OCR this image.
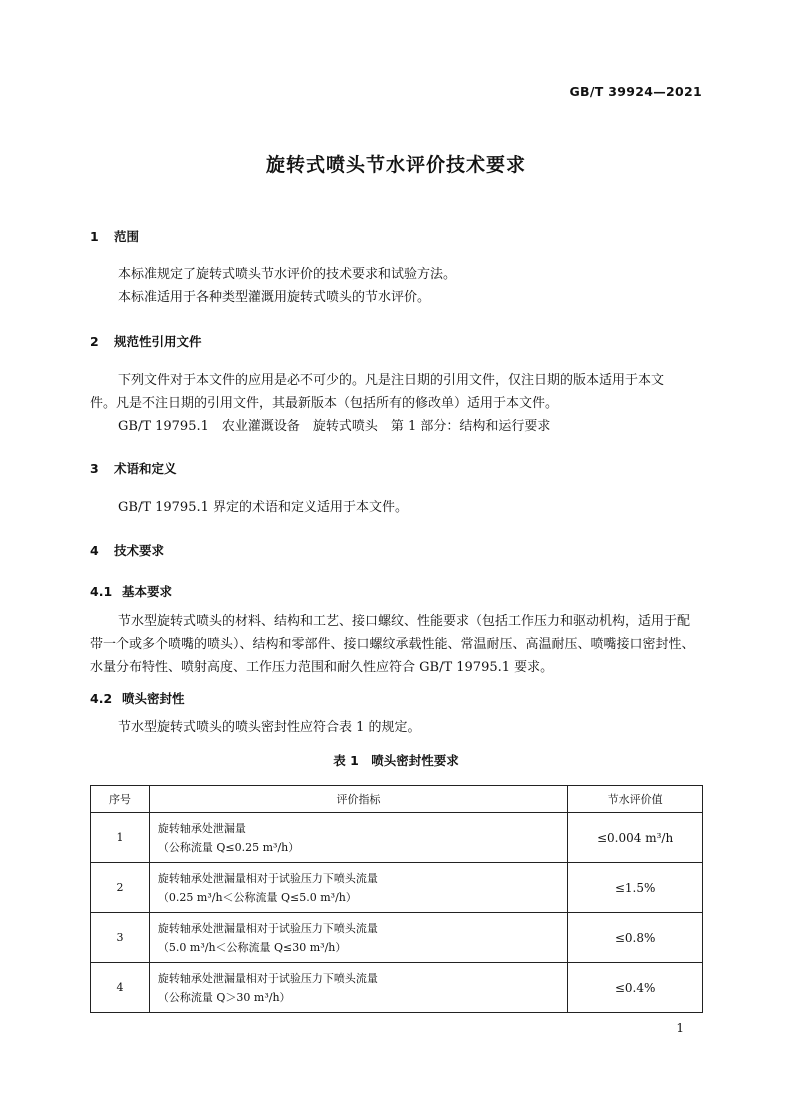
GB/T 39924—2021
旋转式喷头节水评价技术要求
1 范围
本标准规定了旋转式喷头节水评价的技术要求和试验方法。
本标准适用于各种类型灌溉用旋转式喷头的节水评价。
2 规范性引用文件
下列文件对于本文件的应用是必不可少的。凡是注日期的引用文件，仅注日期的版本适用于本文
件。凡是不注日期的引用文件，其最新版本（包括所有的修改单）适用于本文件。
GB/T 19795.1　农业灌溉设备　旋转式喷头　第 1 部分：结构和运行要求
3 术语和定义
GB/T 19795.1 界定的术语和定义适用于本文件。
4 技术要求
4.1 基本要求
节水型旋转式喷头的材料、结构和工艺、接口螺纹、性能要求（包括工作压力和驱动机构，适用于配
带一个或多个喷嘴的喷头）、结构和零部件、接口螺纹承载性能、常温耐压、高温耐压、喷嘴接口密封性、
水量分布特性、喷射高度、工作压力范围和耐久性应符合 GB/T 19795.1 要求。
4.2 喷头密封性
节水型旋转式喷头的喷头密封性应符合表 1 的规定。
表 1　喷头密封性要求
序号	评价指标	节水评价值
1	旋转轴承处泄漏量
（公称流量 Q≤0.25 m³/h）	≤0.004 m³/h
2	旋转轴承处泄漏量相对于试验压力下喷头流量
（0.25 m³/h＜公称流量 Q≤5.0 m³/h）	≤1.5%
3	旋转轴承处泄漏量相对于试验压力下喷头流量
（5.0 m³/h＜公称流量 Q≤30 m³/h）	≤0.8%
4	旋转轴承处泄漏量相对于试验压力下喷头流量
（公称流量 Q＞30 m³/h）	≤0.4%
1
